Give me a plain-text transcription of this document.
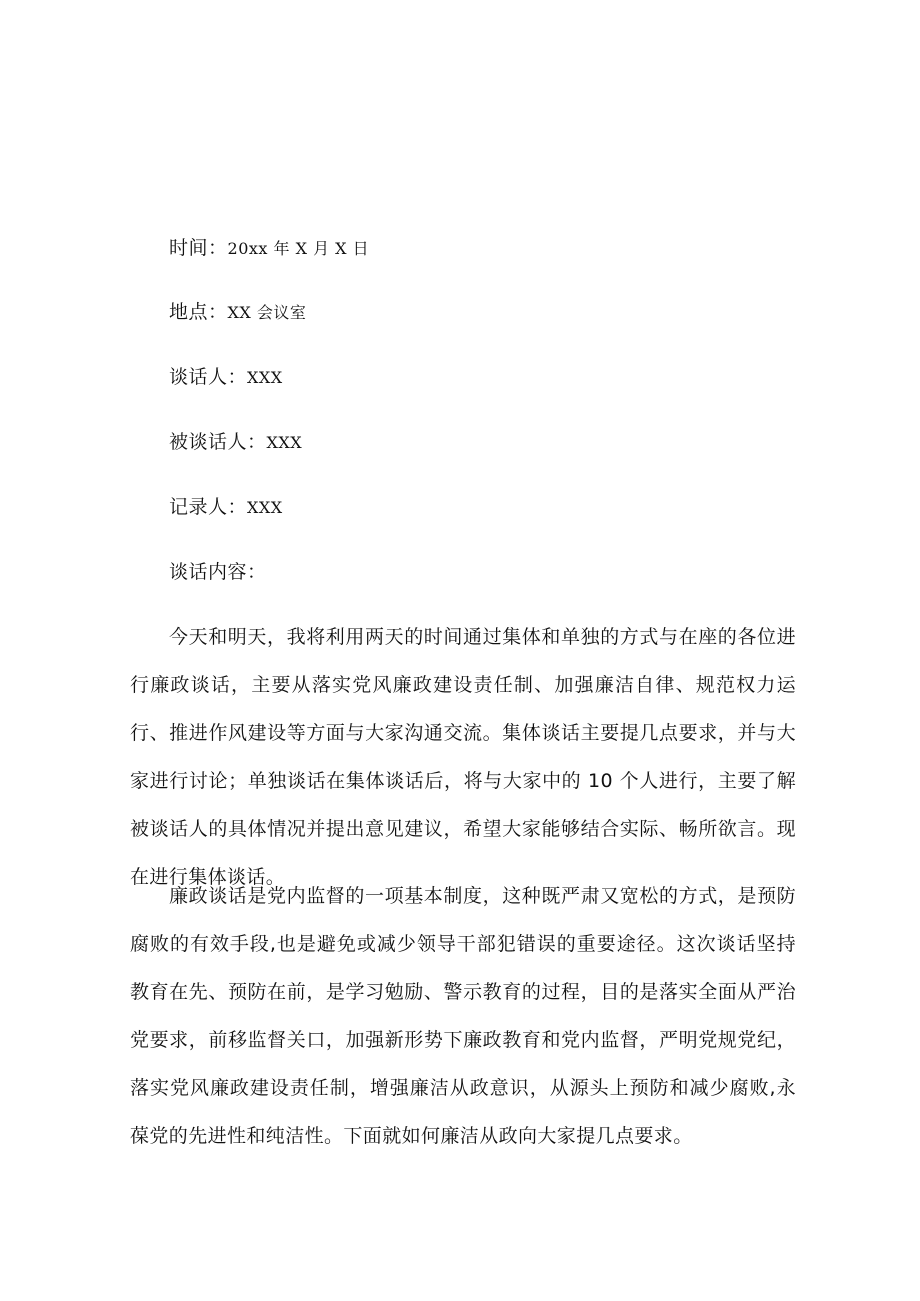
时间：20xx 年 X 月 X 日
地点：XX 会议室
谈话人：XXX
被谈话人：XXX
记录人：XXX
谈话内容：

今天和明天，我将利用两天的时间通过集体和单独的方式与在座的各位进行廉政谈话，主要从落实党风廉政建设责任制、加强廉洁自律、规范权力运行、推进作风建设等方面与大家沟通交流。集体谈话主要提几点要求，并与大家进行讨论；单独谈话在集体谈话后，将与大家中的 10 个人进行，主要了解被谈话人的具体情况并提出意见建议，希望大家能够结合实际、畅所欲言。现在进行集体谈话。

廉政谈话是党内监督的一项基本制度，这种既严肃又宽松的方式，是预防腐败的有效手段,也是避免或减少领导干部犯错误的重要途径。这次谈话坚持教育在先、预防在前，是学习勉励、警示教育的过程，目的是落实全面从严治党要求，前移监督关口，加强新形势下廉政教育和党内监督，严明党规党纪，落实党风廉政建设责任制，增强廉洁从政意识，从源头上预防和减少腐败,永葆党的先进性和纯洁性。下面就如何廉洁从政向大家提几点要求。
